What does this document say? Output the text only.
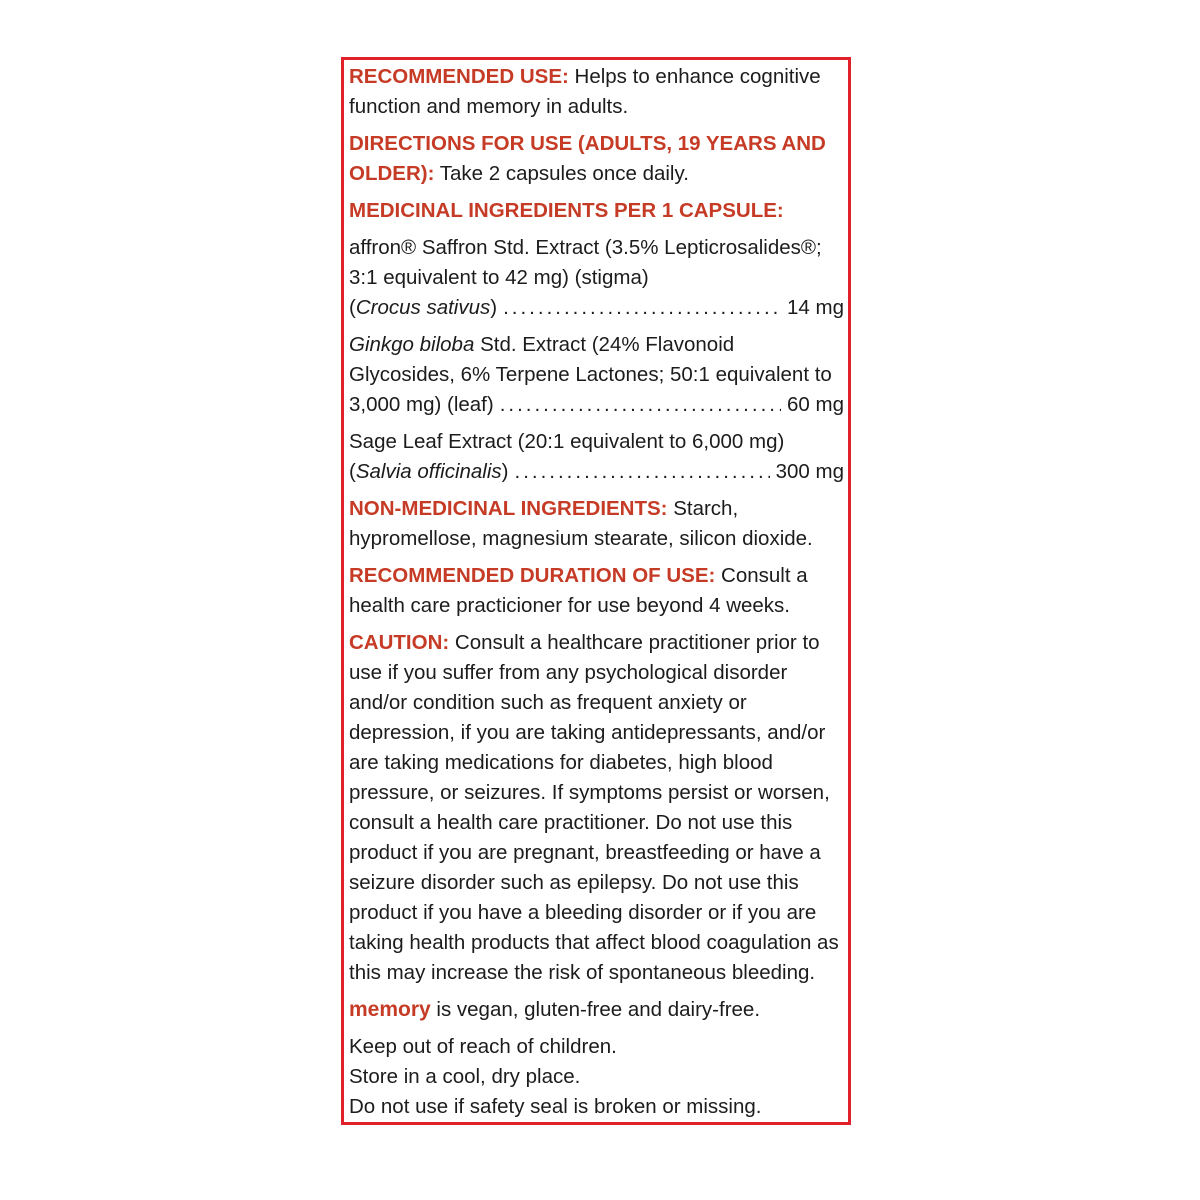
RECOMMENDED USE: Helps to enhance cognitive function and memory in adults.
DIRECTIONS FOR USE (ADULTS, 19 YEARS AND OLDER): Take 2 capsules once daily.
MEDICINAL INGREDIENTS PER 1 CAPSULE:
affron® Saffron Std. Extract (3.5% Lepticrosalides®; 3:1 equivalent to 42 mg) (stigma)
(Crocus sativus) .....	14 mg
Ginkgo biloba Std. Extract (24% Flavonoid Glycosides, 6% Terpene Lactones; 50:1 equivalent to
3,000 mg) (leaf) .....	60 mg
Sage Leaf Extract (20:1 equivalent to 6,000 mg)
(Salvia officinalis) .....	300 mg
NON-MEDICINAL INGREDIENTS: Starch, hypromellose, magnesium stearate, silicon dioxide.
RECOMMENDED DURATION OF USE: Consult a health care practicioner for use beyond 4 weeks.
CAUTION: Consult a healthcare practitioner prior to use if you suffer from any psychological disorder and/or condition such as frequent anxiety or depression, if you are taking antidepressants, and/or are taking medications for diabetes, high blood pressure, or seizures. If symptoms persist or worsen, consult a health care practitioner. Do not use this product if you are pregnant, breastfeeding or have a seizure disorder such as epilepsy. Do not use this product if you have a bleeding disorder or if you are taking health products that affect blood coagulation as this may increase the risk of spontaneous bleeding.
memory is vegan, gluten-free and dairy-free.
Keep out of reach of children.
Store in a cool, dry place.
Do not use if safety seal is broken or missing.
